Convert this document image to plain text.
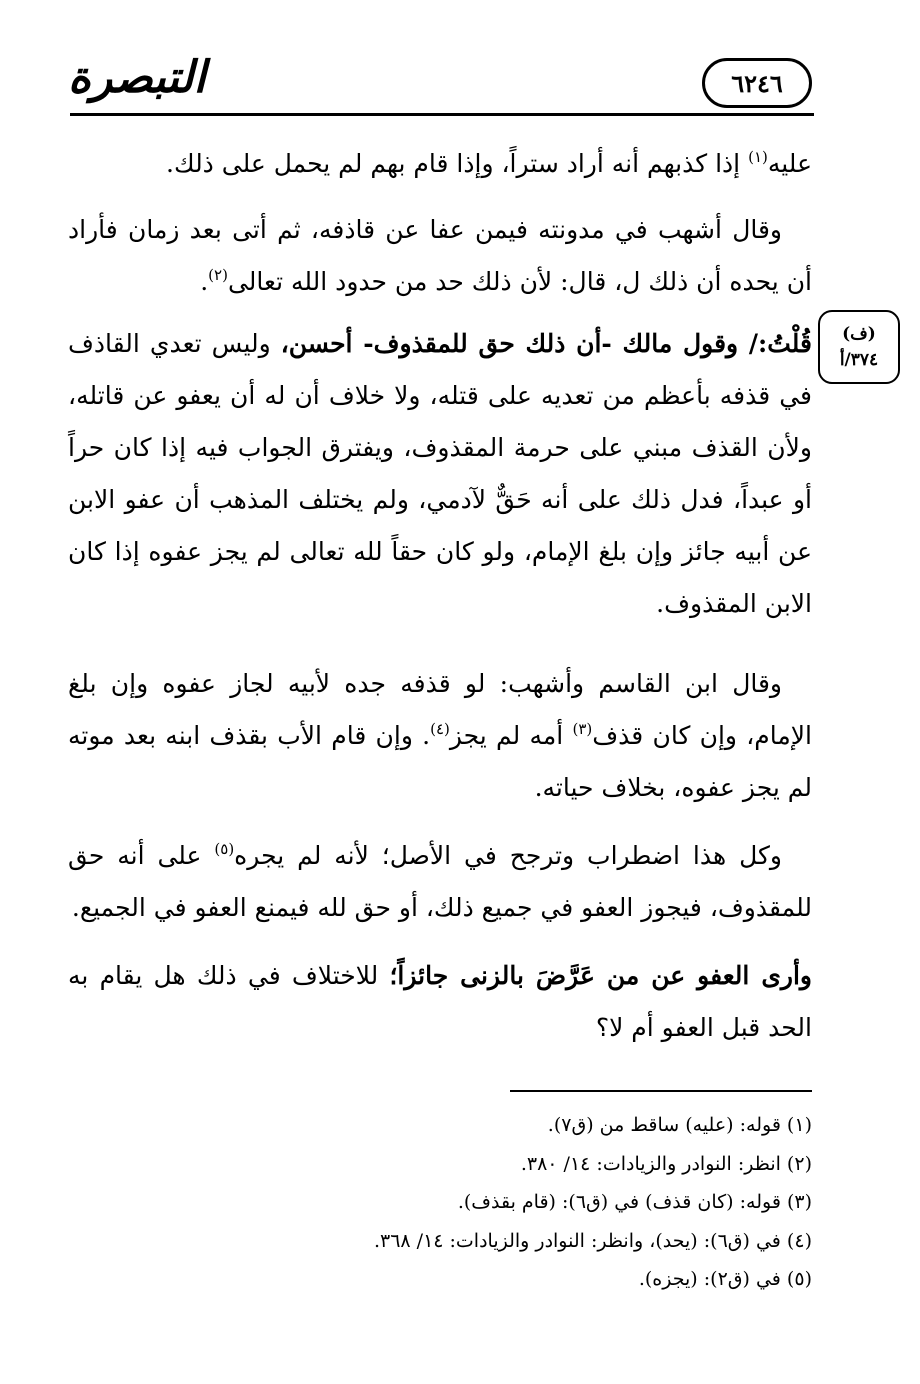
التبصرة	٦٢٤٦
(ف)
٣٧٤/أ

عليه$^{(١)}$ إذا كذبهم أنه أراد ستراً، وإذا قام بهم لم يحمل على ذلك.

وقال أشهب في مدونته فيمن عفا عن قاذفه، ثم أتى بعد زمان فأراد أن يحده أن ذلك ل، قال: لأن ذلك حد من حدود الله تعالى$^{(٢)}$.

قُلْتُ:/ وقول مالك -أن ذلك حق للمقذوف- أحسن، وليس تعدي القاذف في قذفه بأعظم من تعديه على قتله، ولا خلاف أن له أن يعفو عن قاتله، ولأن القذف مبني على حرمة المقذوف، ويفترق الجواب فيه إذا كان حراً أو عبداً، فدل ذلك على أنه حَقٌّ لآدمي، ولم يختلف المذهب أن عفو الابن عن أبيه جائز وإن بلغ الإمام، ولو كان حقاً لله تعالى لم يجز عفوه إذا كان الابن المقذوف.

وقال ابن القاسم وأشهب: لو قذفه جده لأبيه لجاز عفوه وإن بلغ الإمام، وإن كان قذف$^{(٣)}$ أمه لم يجز$^{(٤)}$. وإن قام الأب بقذف ابنه بعد موته لم يجز عفوه، بخلاف حياته.

وكل هذا اضطراب وترجح في الأصل؛ لأنه لم يجره$^{(٥)}$ على أنه حق للمقذوف، فيجوز العفو في جميع ذلك، أو حق لله فيمنع العفو في الجميع.

وأرى العفو عن من عَرَّضَ بالزنى جائزاً؛ للاختلاف في ذلك هل يقام به الحد قبل العفو أم لا؟

(١) قوله: (عليه) ساقط من (ق٧).
(٢) انظر: النوادر والزيادات: ١٤/ ٣٨٠.
(٣) قوله: (كان قذف) في (ق٦): (قام بقذف).
(٤) في (ق٦): (يحد)، وانظر: النوادر والزيادات: ١٤/ ٣٦٨.
(٥) في (ق٢): (يجزه).
